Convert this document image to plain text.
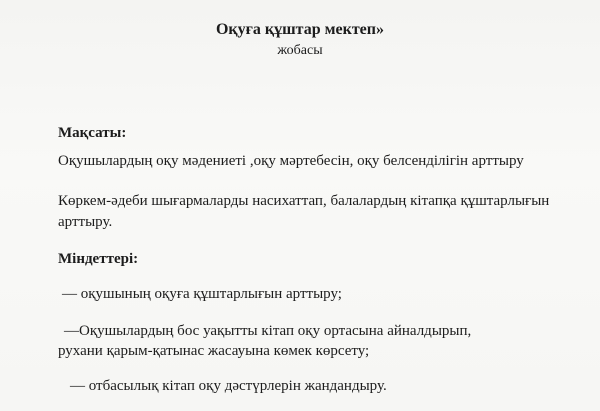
Оқуға құштар мектеп»
жобасы
Мақсаты:
Оқушылардың оқу мәдениеті ,оқу мәртебесін, оқу белсенділігін арттыру
Көркем-әдеби шығармаларды насихаттап, балалардың кітапқа құштарлығын арттыру.
Міндеттері:
— оқушының оқуға құштарлығын арттыру;
—Оқушылардың бос уақытты кітап оқу ортасына айналдырып,
рухани қарым-қатынас жасауына көмек көрсету;
— отбасылық кітап оқу дәстүрлерін жандандыру.
